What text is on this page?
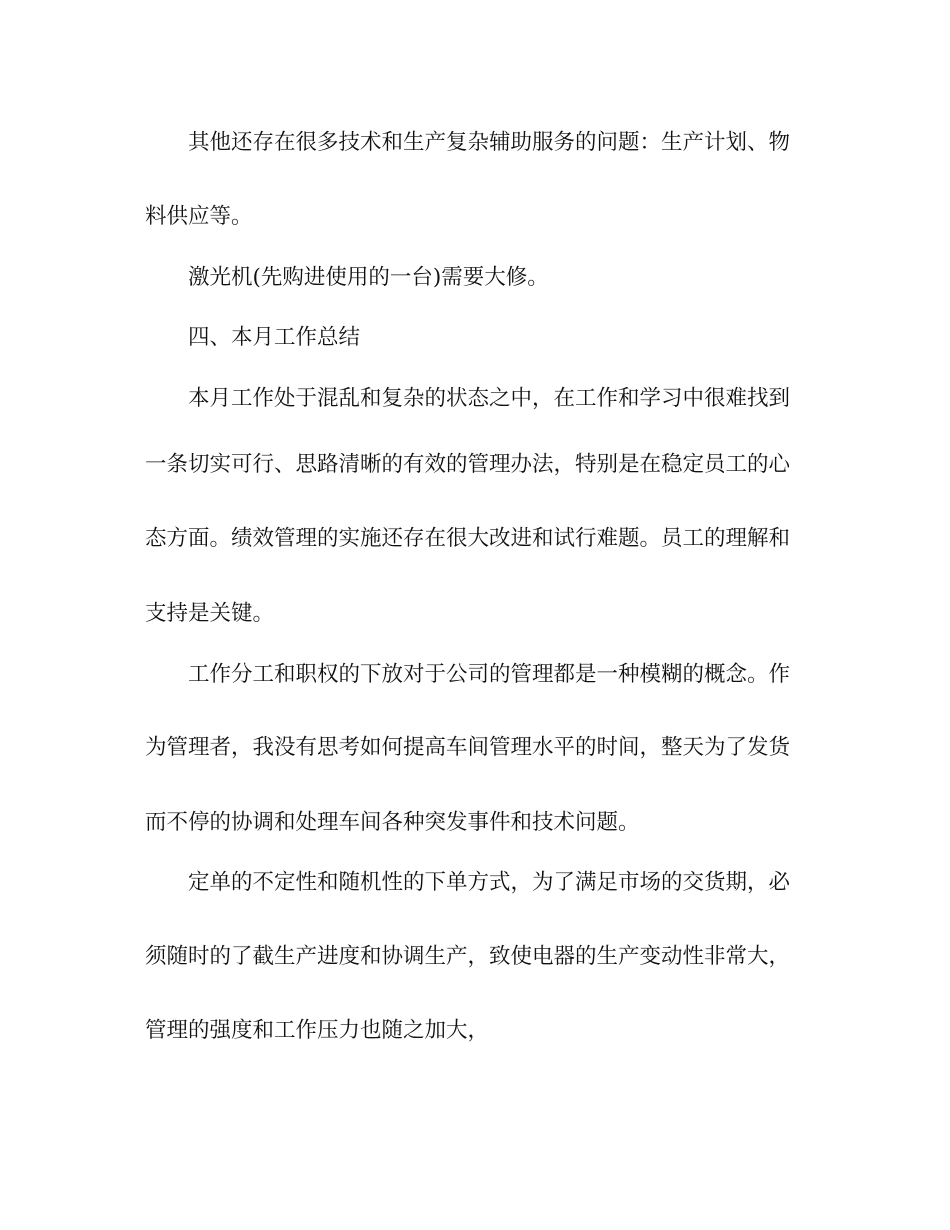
其他还存在很多技术和生产复杂辅助服务的问题：生产计划、物
料供应等。
激光机(先购进使用的一台)需要大修。
四、本月工作总结
本月工作处于混乱和复杂的状态之中，在工作和学习中很难找到
一条切实可行、思路清晰的有效的管理办法，特别是在稳定员工的心
态方面。绩效管理的实施还存在很大改进和试行难题。员工的理解和
支持是关键。
工作分工和职权的下放对于公司的管理都是一种模糊的概念。作
为管理者，我没有思考如何提高车间管理水平的时间，整天为了发货
而不停的协调和处理车间各种突发事件和技术问题。
定单的不定性和随机性的下单方式，为了满足市场的交货期，必
须随时的了截生产进度和协调生产，致使电器的生产变动性非常大，
管理的强度和工作压力也随之加大，
